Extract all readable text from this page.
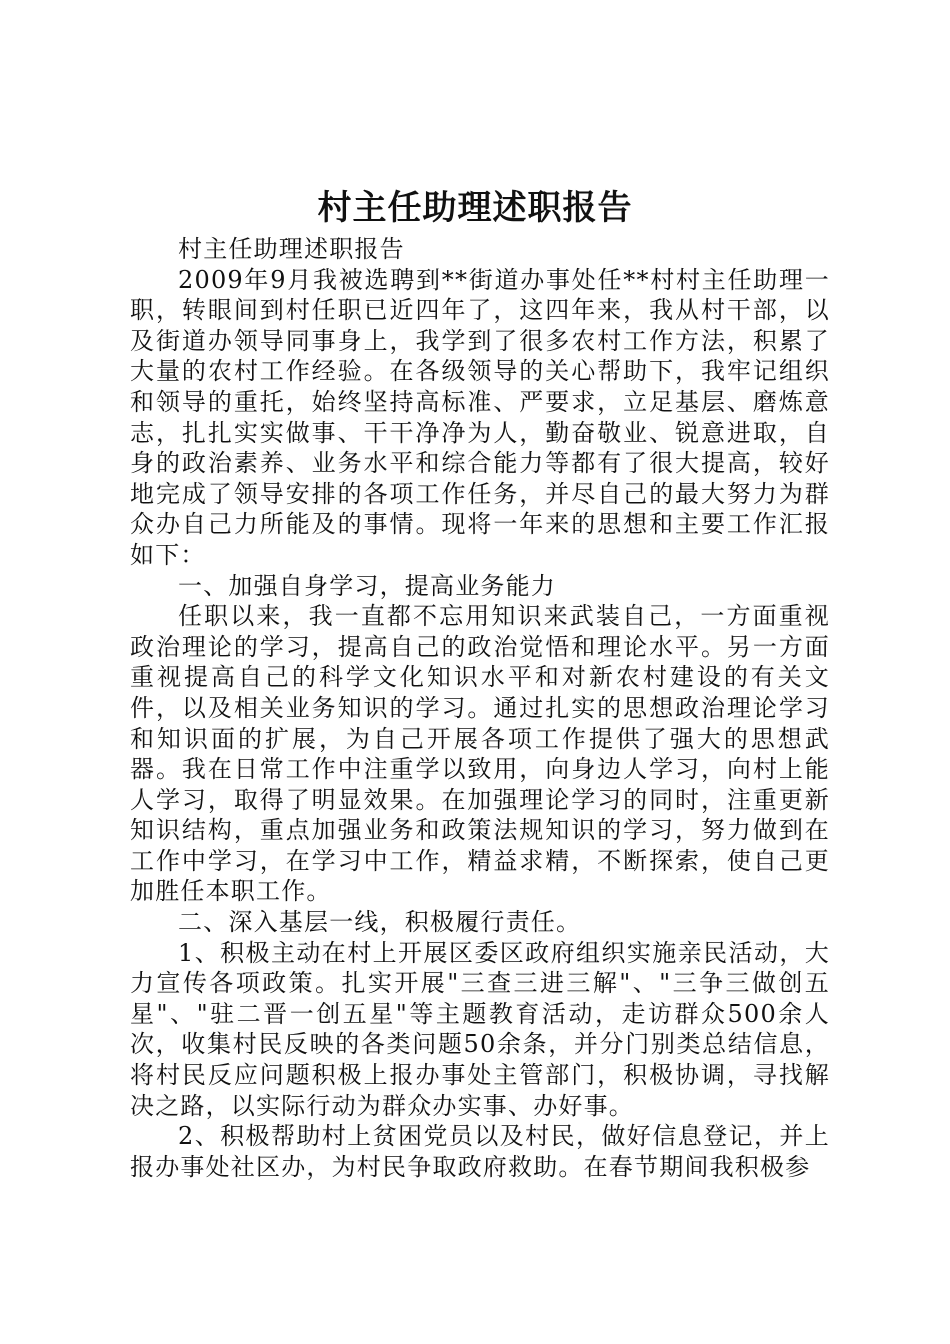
村主任助理述职报告

村主任助理述职报告

2009年9月我被选聘到**街道办事处任**村村主任助理一职，转眼间到村任职已近四年了，这四年来，我从村干部，以及街道办领导同事身上，我学到了很多农村工作方法，积累了大量的农村工作经验。在各级领导的关心帮助下，我牢记组织和领导的重托，始终坚持高标准、严要求，立足基层、磨炼意志，扎扎实实做事、干干净净为人，勤奋敬业、锐意进取，自身的政治素养、业务水平和综合能力等都有了很大提高，较好地完成了领导安排的各项工作任务，并尽自己的最大努力为群众办自己力所能及的事情。现将一年来的思想和主要工作汇报如下：

一、加强自身学习，提高业务能力

任职以来，我一直都不忘用知识来武装自己，一方面重视政治理论的学习，提高自己的政治觉悟和理论水平。另一方面重视提高自己的科学文化知识水平和对新农村建设的有关文件，以及相关业务知识的学习。通过扎实的思想政治理论学习和知识面的扩展，为自己开展各项工作提供了强大的思想武器。我在日常工作中注重学以致用，向身边人学习，向村上能人学习，取得了明显效果。在加强理论学习的同时，注重更新知识结构，重点加强业务和政策法规知识的学习，努力做到在工作中学习，在学习中工作，精益求精，不断探索，使自己更加胜任本职工作。

二、深入基层一线，积极履行责任。

1、积极主动在村上开展区委区政府组织实施亲民活动，大力宣传各项政策。扎实开展"三查三进三解"、"三争三做创五星"、"驻二晋一创五星"等主题教育活动，走访群众500余人次，收集村民反映的各类问题50余条，并分门别类总结信息，将村民反应问题积极上报办事处主管部门，积极协调，寻找解决之路，以实际行动为群众办实事、办好事。

2、积极帮助村上贫困党员以及村民，做好信息登记，并上报办事处社区办，为村民争取政府救助。在春节期间我积极参
